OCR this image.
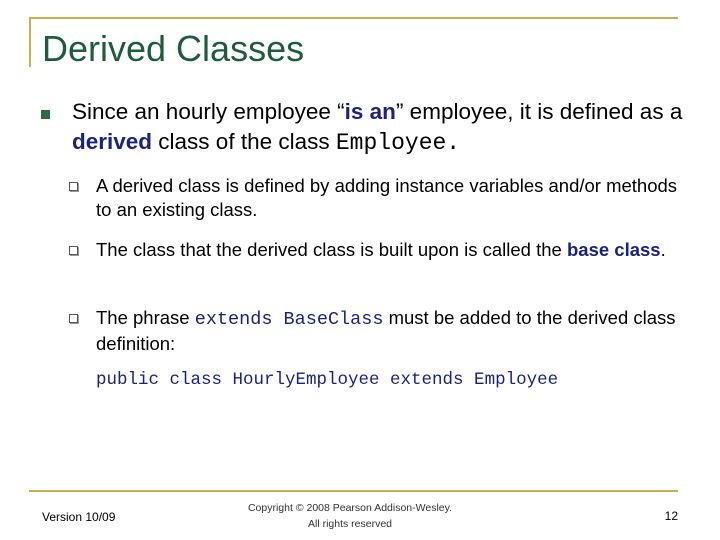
Derived Classes
Since an hourly employee “is an” employee, it is defined as a derived class of the class Employee.
A derived class is defined by adding instance variables and/or methods to an existing class.
The class that the derived class is built upon is called the base class.
The phrase extends BaseClass must be added to the derived class definition:
public class HourlyEmployee extends Employee
Version 10/09
Copyright © 2008 Pearson Addison-Wesley.
All rights reserved
12
